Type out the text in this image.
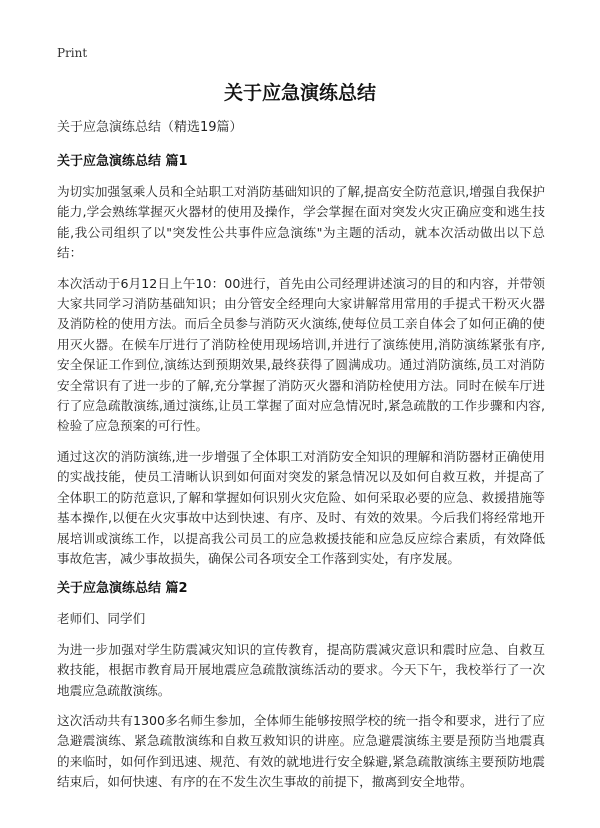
Print
关于应急演练总结

关于应急演练总结（精选19篇）

关于应急演练总结 篇1

为切实加强氢乘人员和全站职工对消防基础知识的了解,提高安全防范意识,增强自我保护能力,学会熟练掌握灭火器材的使用及操作，学会掌握在面对突发火灾正确应变和逃生技能,我公司组织了以"突发性公共事件应急演练"为主题的活动，就本次活动做出以下总结：

本次活动于6月12日上午10：00进行，首先由公司经理讲述演习的目的和内容，并带领大家共同学习消防基础知识；由分管安全经理向大家讲解常用常用的手提式干粉灭火器及消防栓的使用方法。而后全员参与消防灭火演练,使每位员工亲自体会了如何正确的使用灭火器。在候车厅进行了消防栓使用现场培训,并进行了演练使用,消防演练紧张有序,安全保证工作到位,演练达到预期效果,最终获得了圆满成功。通过消防演练,员工对消防安全常识有了进一步的了解,充分掌握了消防灭火器和消防栓使用方法。同时在候车厅进行了应急疏散演练,通过演练,让员工掌握了面对应急情况时,紧急疏散的工作步骤和内容,检验了应急预案的可行性。

通过这次的消防演练,进一步增强了全体职工对消防安全知识的理解和消防器材正确使用的实战技能，使员工清晰认识到如何面对突发的紧急情况以及如何自救互救，并提高了全体职工的防范意识,了解和掌握如何识别火灾危险、如何采取必要的应急、救援措施等基本操作,以便在火灾事故中达到快速、有序、及时、有效的效果。今后我们将经常地开展培训或演练工作，以提高我公司员工的应急救援技能和应急反应综合素质，有效降低事故危害，减少事故损失，确保公司各项安全工作落到实处，有序发展。

关于应急演练总结 篇2

老师们、同学们

为进一步加强对学生防震减灾知识的宣传教育，提高防震减灾意识和震时应急、自救互救技能，根据市教育局开展地震应急疏散演练活动的要求。今天下午，我校举行了一次地震应急疏散演练。

这次活动共有1300多名师生参加，全体师生能够按照学校的统一指令和要求，进行了应急避震演练、紧急疏散演练和自救互救知识的讲座。应急避震演练主要是预防当地震真的来临时，如何作到迅速、规范、有效的就地进行安全躲避,紧急疏散演练主要预防地震结束后，如何快速、有序的在不发生次生事故的前提下，撤离到安全地带。
